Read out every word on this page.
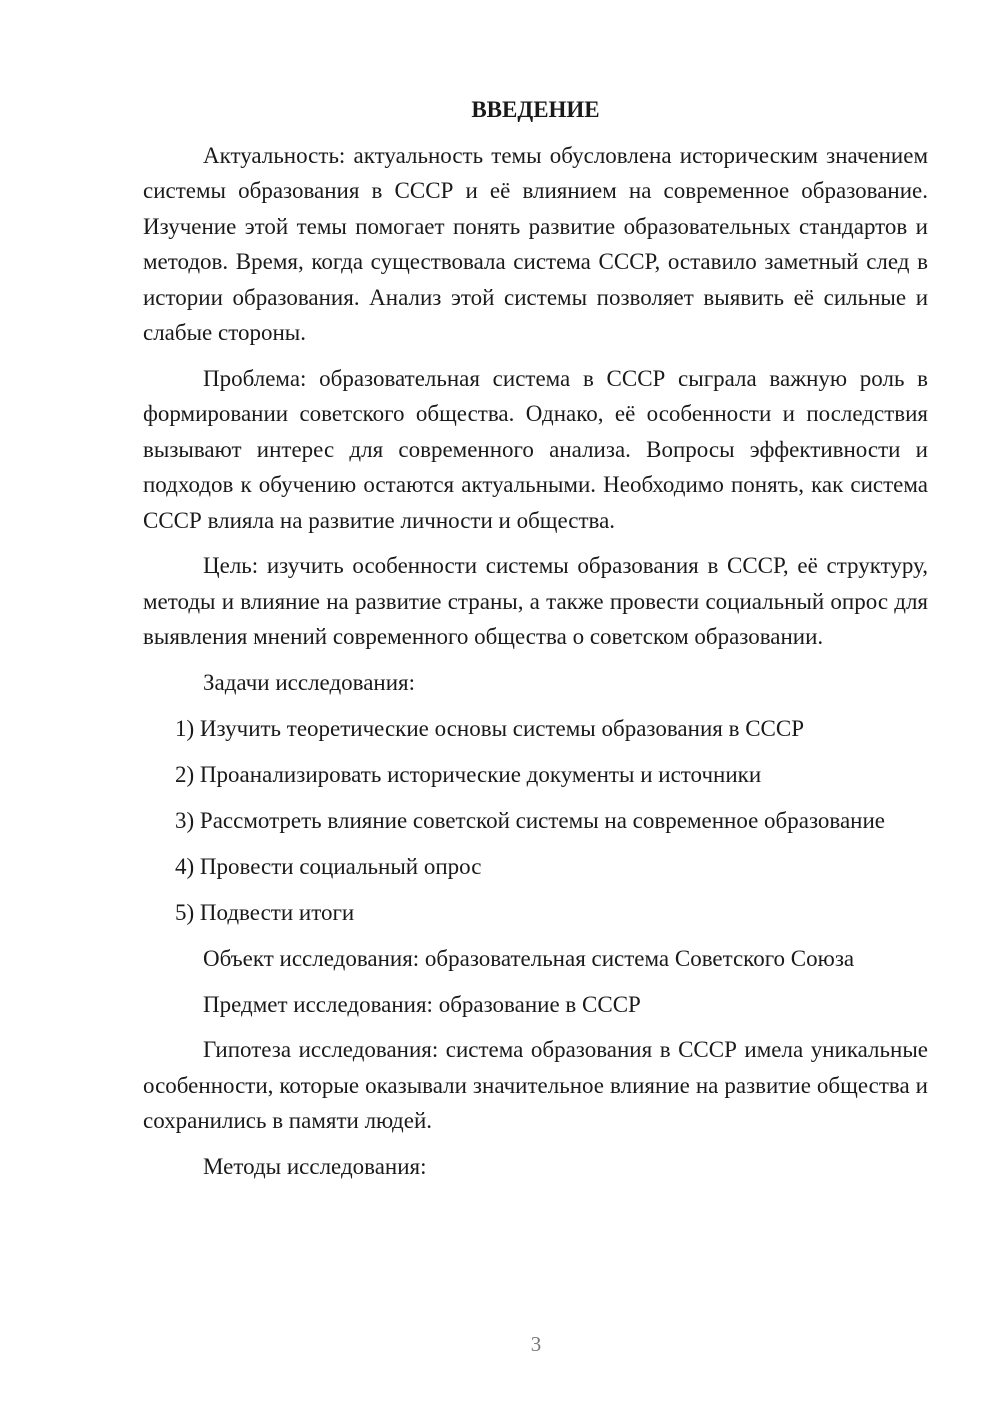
ВВЕДЕНИЕ

Актуальность: актуальность темы обусловлена историческим значением системы образования в СССР и её влиянием на современное образование. Изучение этой темы помогает понять развитие образовательных стандартов и методов. Время, когда существовала система СССР, оставило заметный след в истории образования. Анализ этой системы позволяет выявить её сильные и слабые стороны.

Проблема: образовательная система в СССР сыграла важную роль в формировании советского общества. Однако, её особенности и последствия вызывают интерес для современного анализа. Вопросы эффективности и подходов к обучению остаются актуальными. Необходимо понять, как система СССР влияла на развитие личности и общества.

Цель: изучить особенности системы образования в СССР, её структуру, методы и влияние на развитие страны, а также провести социальный опрос для выявления мнений современного общества о советском образовании.

Задачи исследования:

1) Изучить теоретические основы системы образования в СССР

2) Проанализировать исторические документы и источники

3) Рассмотреть влияние советской системы на современное образование

4) Провести социальный опрос

5) Подвести итоги

Объект исследования: образовательная система Советского Союза

Предмет исследования: образование в СССР

Гипотеза исследования: система образования в СССР имела уникальные особенности, которые оказывали значительное влияние на развитие общества и сохранились в памяти людей.

Методы исследования:

3
